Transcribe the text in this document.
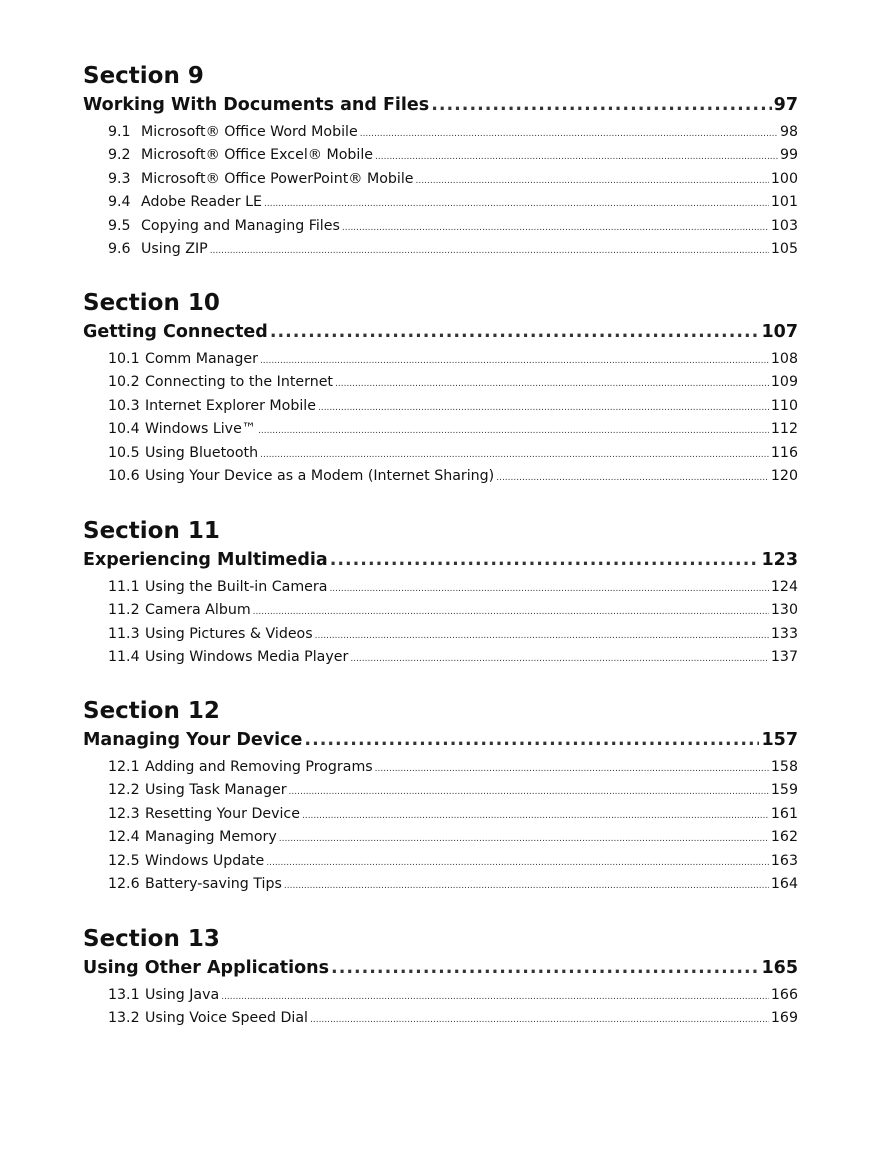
Section 9
Working With Documents and Files .....	97
9.1 Microsoft® Office Word Mobile .....	98
9.2 Microsoft® Office Excel® Mobile .....	99
9.3 Microsoft® Office PowerPoint® Mobile .....	100
9.4 Adobe Reader LE .....	101
9.5 Copying and Managing Files .....	103
9.6 Using ZIP .....	105
Section 10
Getting Connected .....	107
10.1 Comm Manager .....	108
10.2 Connecting to the Internet .....	109
10.3 Internet Explorer Mobile .....	110
10.4 Windows Live™ .....	112
10.5 Using Bluetooth .....	116
10.6 Using Your Device as a Modem (Internet Sharing) .....	120
Section 11
Experiencing Multimedia .....	123
11.1 Using the Built-in Camera .....	124
11.2 Camera Album .....	130
11.3 Using Pictures & Videos .....	133
11.4 Using Windows Media Player .....	137
Section 12
Managing Your Device .....	157
12.1 Adding and Removing Programs .....	158
12.2 Using Task Manager .....	159
12.3 Resetting Your Device .....	161
12.4 Managing Memory .....	162
12.5 Windows Update .....	163
12.6 Battery-saving Tips .....	164
Section 13
Using Other Applications .....	165
13.1 Using Java .....	166
13.2 Using Voice Speed Dial .....	169
